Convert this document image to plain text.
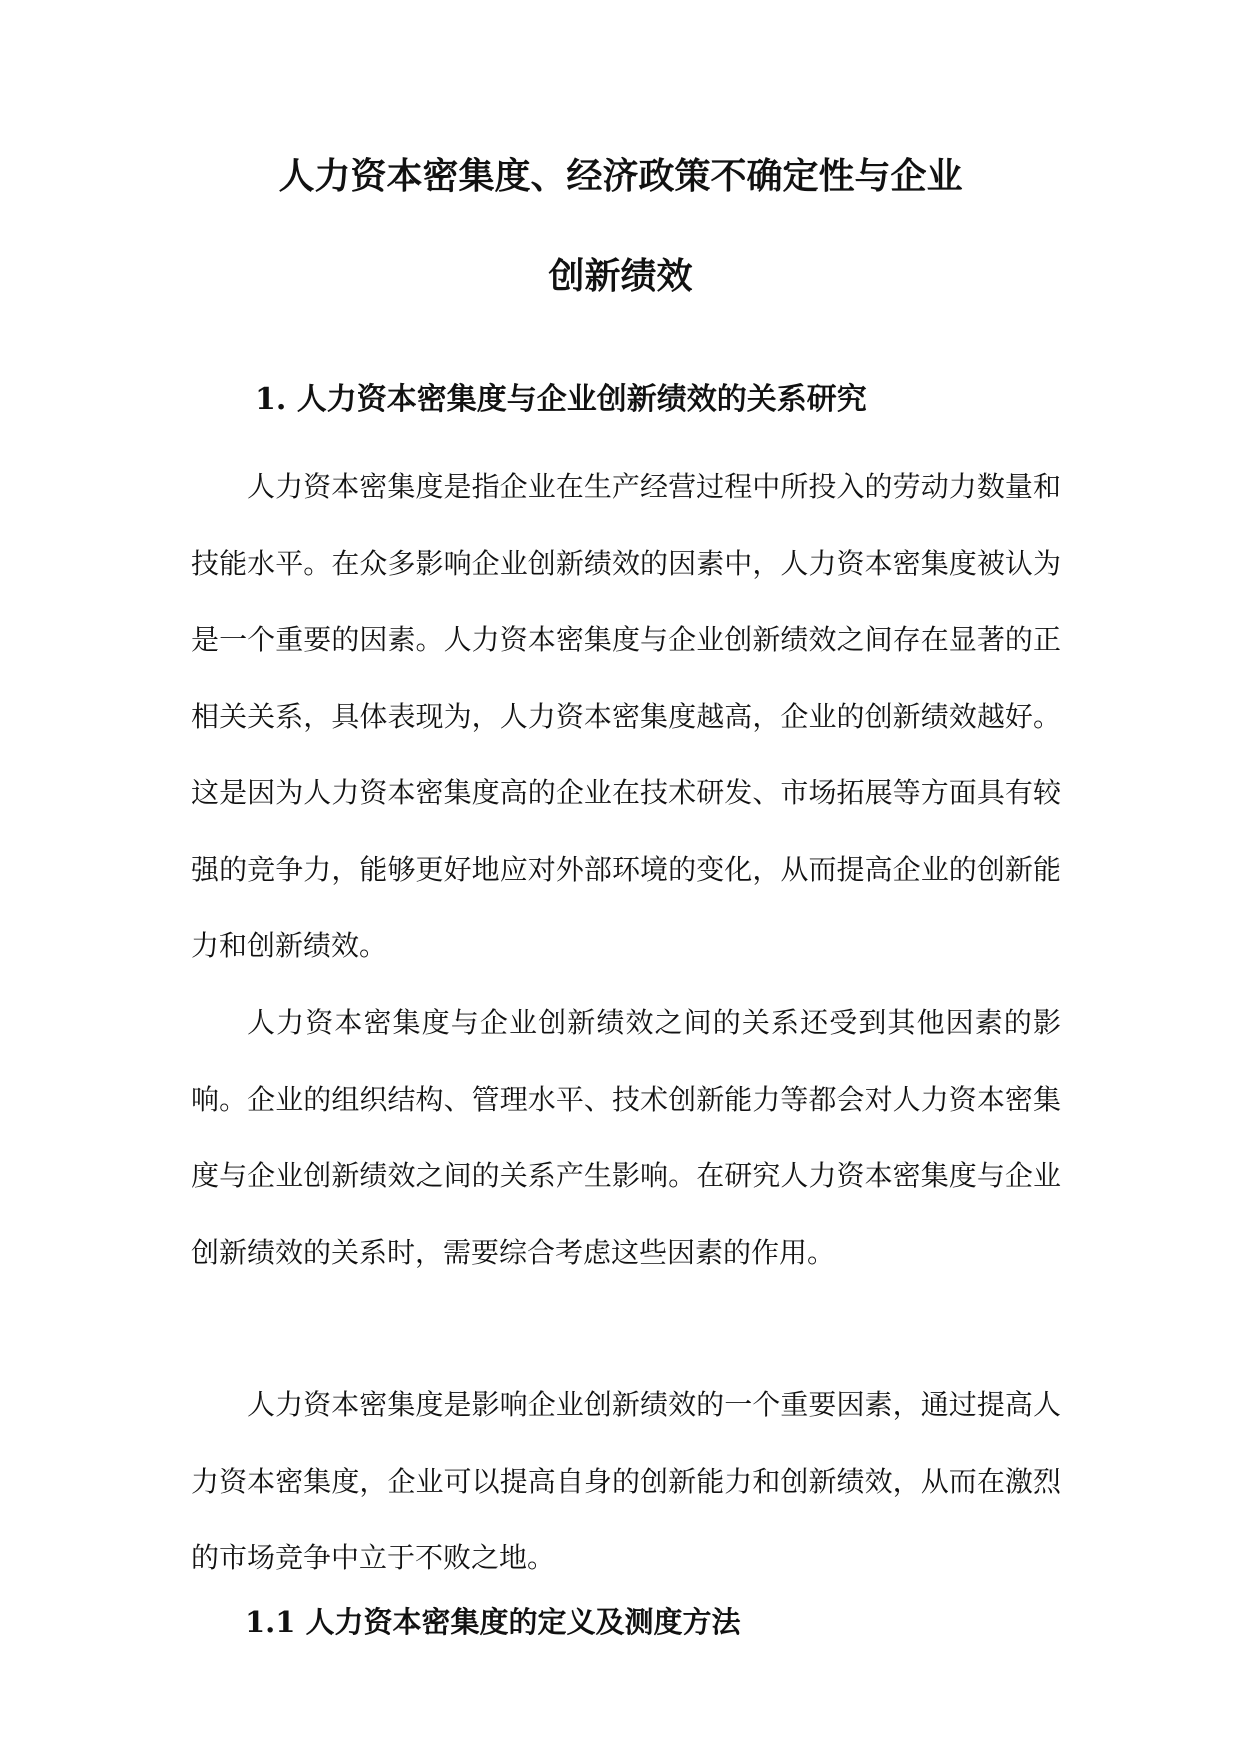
人力资本密集度、经济政策不确定性与企业
创新绩效
1. 人力资本密集度与企业创新绩效的关系研究

人力资本密集度是指企业在生产经营过程中所投入的劳动力数量和技能水平。在众多影响企业创新绩效的因素中，人力资本密集度被认为是一个重要的因素。人力资本密集度与企业创新绩效之间存在显著的正相关关系，具体表现为，人力资本密集度越高，企业的创新绩效越好。这是因为人力资本密集度高的企业在技术研发、市场拓展等方面具有较强的竞争力，能够更好地应对外部环境的变化，从而提高企业的创新能力和创新绩效。

人力资本密集度与企业创新绩效之间的关系还受到其他因素的影响。企业的组织结构、管理水平、技术创新能力等都会对人力资本密集度与企业创新绩效之间的关系产生影响。在研究人力资本密集度与企业创新绩效的关系时，需要综合考虑这些因素的作用。

人力资本密集度是影响企业创新绩效的一个重要因素，通过提高人力资本密集度，企业可以提高自身的创新能力和创新绩效，从而在激烈的市场竞争中立于不败之地。

1.1 人力资本密集度的定义及测度方法
